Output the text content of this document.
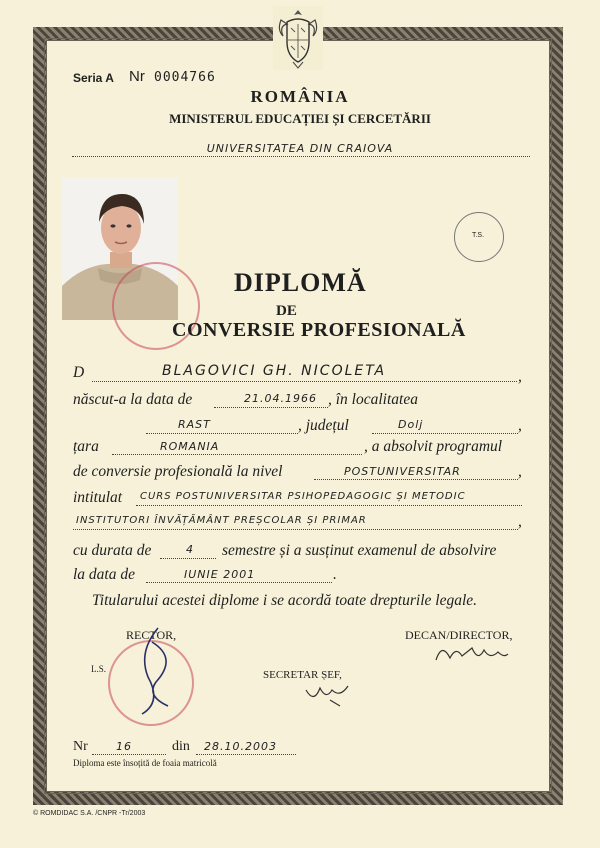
Seria A Nr 0004766
ROMÂNIA
MINISTERUL EDUCAȚIEI ȘI CERCETĂRII
UNIVERSITATEA DIN CRAIOVA
T.S.
DIPLOMĂ
DE
CONVERSIE PROFESIONALĂ
D	BLAGOVICI GH. NICOLETA	,
născut-a la data de	21.04.1966 , în localitatea
RAST	, județul	Dolj	,
țara	ROMANIA	, a absolvit programul
de conversie profesională la nivel	POSTUNIVERSITAR	,
intitulat CURS POSTUNIVERSITAR PSIHOPEDAGOGIC ȘI METODIC
INSTITUTORI ÎNVĂȚĂMÂNT PREȘCOLAR ȘI PRIMAR	,
cu durata de	4 semestre și a susținut examenul de absolvire
la data de	IUNIE 2001	.
Titularului acestei diplome i se acordă toate drepturile legale.
RECTOR,
L.S.
DECAN/DIRECTOR,
SECRETAR ȘEF,
Nr	16	din 28.10.2003
Diploma este însoțită de foaia matricolă
© ROMDIDAC S.A. /CNPR -Tr/2003
